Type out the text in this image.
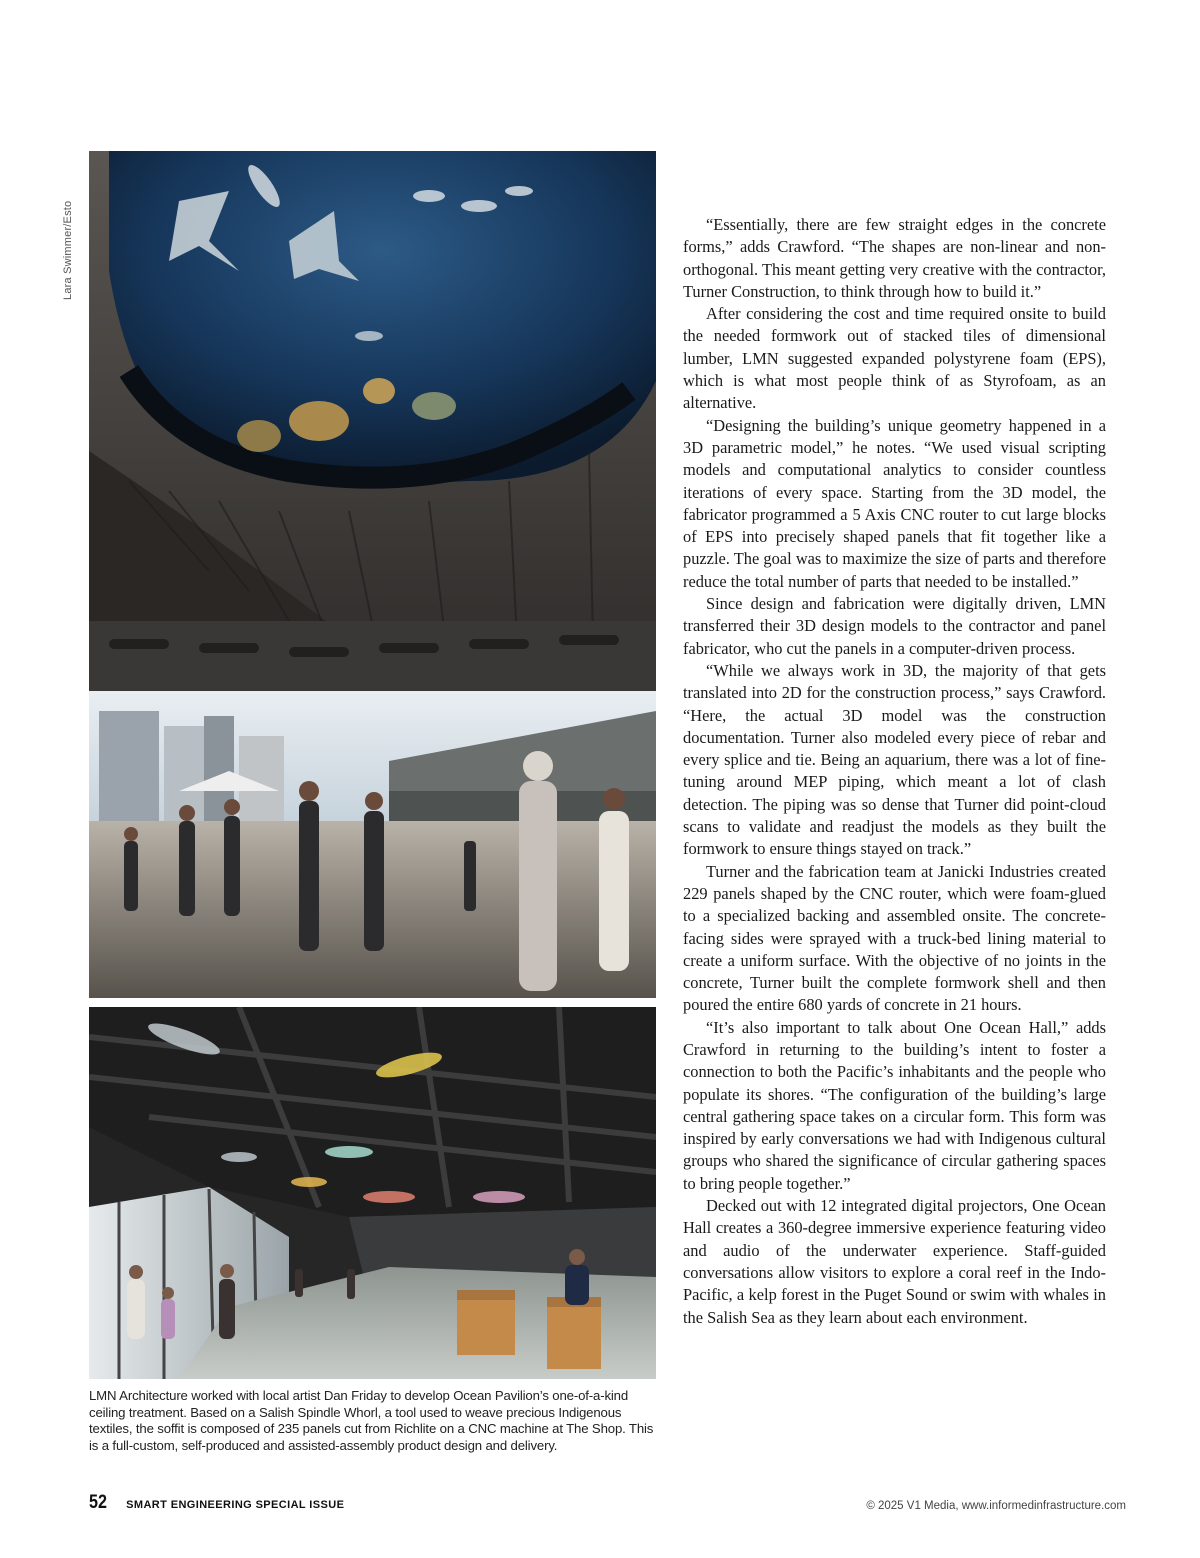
Lara Swimmer/Esto

LMN Architecture worked with local artist Dan Friday to develop Ocean Pavilion’s one-of-a-kind ceiling treatment. Based on a Salish Spindle Whorl, a tool used to weave precious Indigenous textiles, the soffit is composed of 235 panels cut from Richlite on a CNC machine at The Shop. This is a full-custom, self-produced and assisted-assembly product design and delivery.

“Essentially, there are few straight edges in the concrete forms,” adds Crawford. “The shapes are non-linear and non-orthogonal. This meant getting very creative with the contractor, Turner Construction, to think through how to build it.”

After considering the cost and time required onsite to build the needed formwork out of stacked tiles of dimensional lumber, LMN suggested expanded polystyrene foam (EPS), which is what most people think of as Styrofoam, as an alternative.

“Designing the building’s unique geometry happened in a 3D parametric model,” he notes. “We used visual scripting models and computational analytics to consider countless iterations of every space. Starting from the 3D model, the fabricator programmed a 5 Axis CNC router to cut large blocks of EPS into precisely shaped panels that fit together like a puzzle. The goal was to maximize the size of parts and therefore reduce the total number of parts that needed to be installed.”

Since design and fabrication were digitally driven, LMN transferred their 3D design models to the contractor and panel fabricator, who cut the panels in a computer-driven process.

“While we always work in 3D, the majority of that gets translated into 2D for the construction process,” says Crawford. “Here, the actual 3D model was the construction documentation. Turner also modeled every piece of rebar and every splice and tie. Being an aquarium, there was a lot of fine-tuning around MEP piping, which meant a lot of clash detection. The piping was so dense that Turner did point-cloud scans to validate and readjust the models as they built the formwork to ensure things stayed on track.”

Turner and the fabrication team at Janicki Industries created 229 panels shaped by the CNC router, which were foam-glued to a specialized backing and assembled onsite. The concrete-facing sides were sprayed with a truck-bed lining material to create a uniform surface. With the objective of no joints in the concrete, Turner built the complete formwork shell and then poured the entire 680 yards of concrete in 21 hours.

“It’s also important to talk about One Ocean Hall,” adds Crawford in returning to the building’s intent to foster a connection to both the Pacific’s inhabitants and the people who populate its shores. “The configuration of the building’s large central gathering space takes on a circular form. This form was inspired by early conversations we had with Indigenous cultural groups who shared the significance of circular gathering spaces to bring people together.”

Decked out with 12 integrated digital projectors, One Ocean Hall creates a 360-degree immersive experience featuring video and audio of the underwater experience. Staff-guided conversations allow visitors to explore a coral reef in the Indo-Pacific, a kelp forest in the Puget Sound or swim with whales in the Salish Sea as they learn about each environment.

52 SMART ENGINEERING SPECIAL ISSUE	© 2025 V1 Media, www.informedinfrastructure.com
